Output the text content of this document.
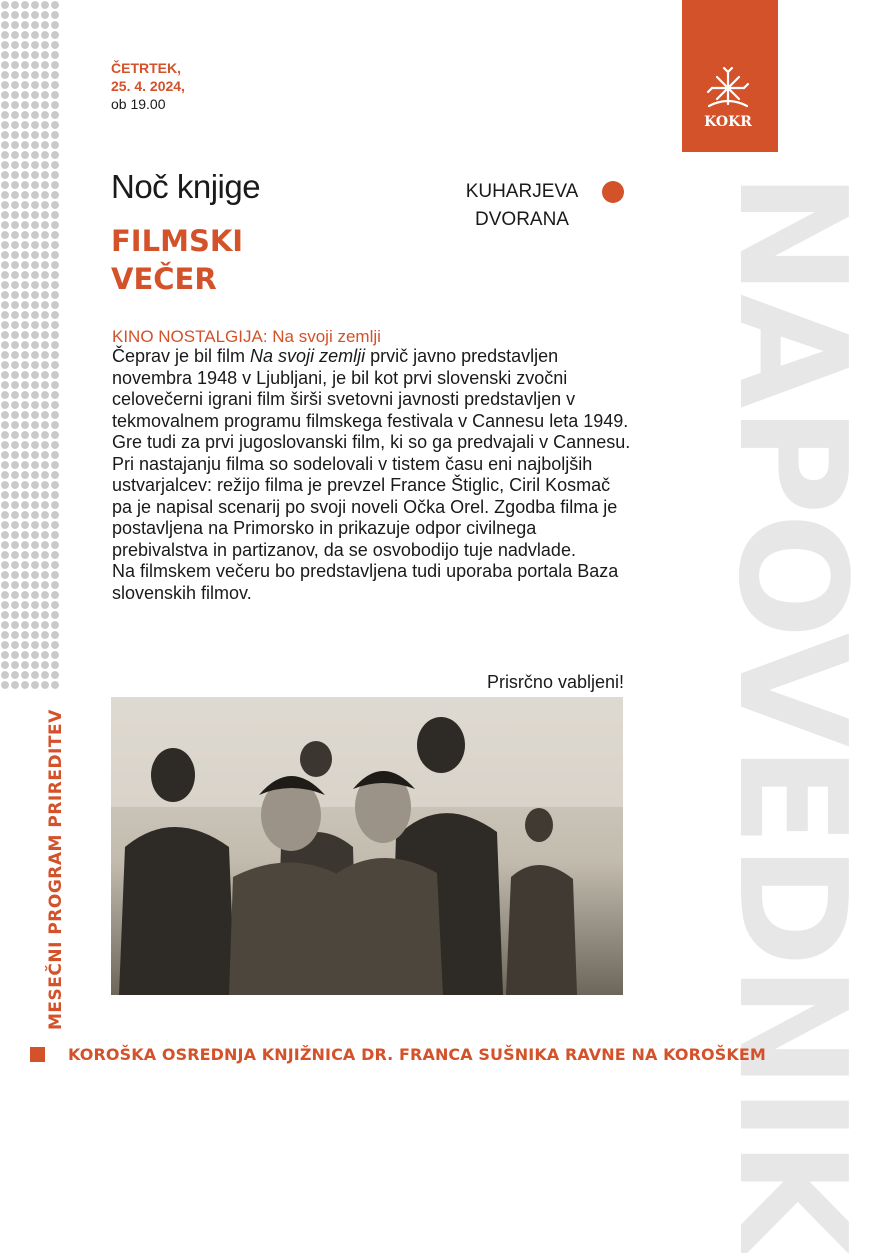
MESEČNI PROGRAM PRIREDITEV
KOKR
NAPOVEDNIK
ČETRTEK,
25. 4. 2024,
ob 19.00
Noč knjige
FILMSKI
VEČER
KUHARJEVA
DVORANA
KINO NOSTALGIJA: Na svoji zemlji

Čeprav je bil film Na svoji zemlji prvič javno predstavljen novembra 1948 v Ljubljani, je bil kot prvi slovenski zvočni celovečerni igrani film širši svetovni javnosti predstavljen v tekmovalnem programu filmskega festivala v Cannesu leta 1949. Gre tudi za prvi jugoslovanski film, ki so ga predvajali v Cannesu. Pri nastajanju filma so sodelovali v tistem času eni najboljših ustvarjalcev: režijo filma je prevzel France Štiglic, Ciril Kosmač pa je napisal scenarij po svoji noveli Očka Orel. Zgodba filma je postavljena na Primorsko in prikazuje odpor civilnega prebivalstva in partizanov, da se osvobodijo tuje nadvlade.

Na filmskem večeru bo predstavljena tudi uporaba portala Baza slovenskih filmov.

Prisrčno vabljeni!
KOROŠKA OSREDNJA KNJIŽNICA DR. FRANCA SUŠNIKA RAVNE NA KOROŠKEM
